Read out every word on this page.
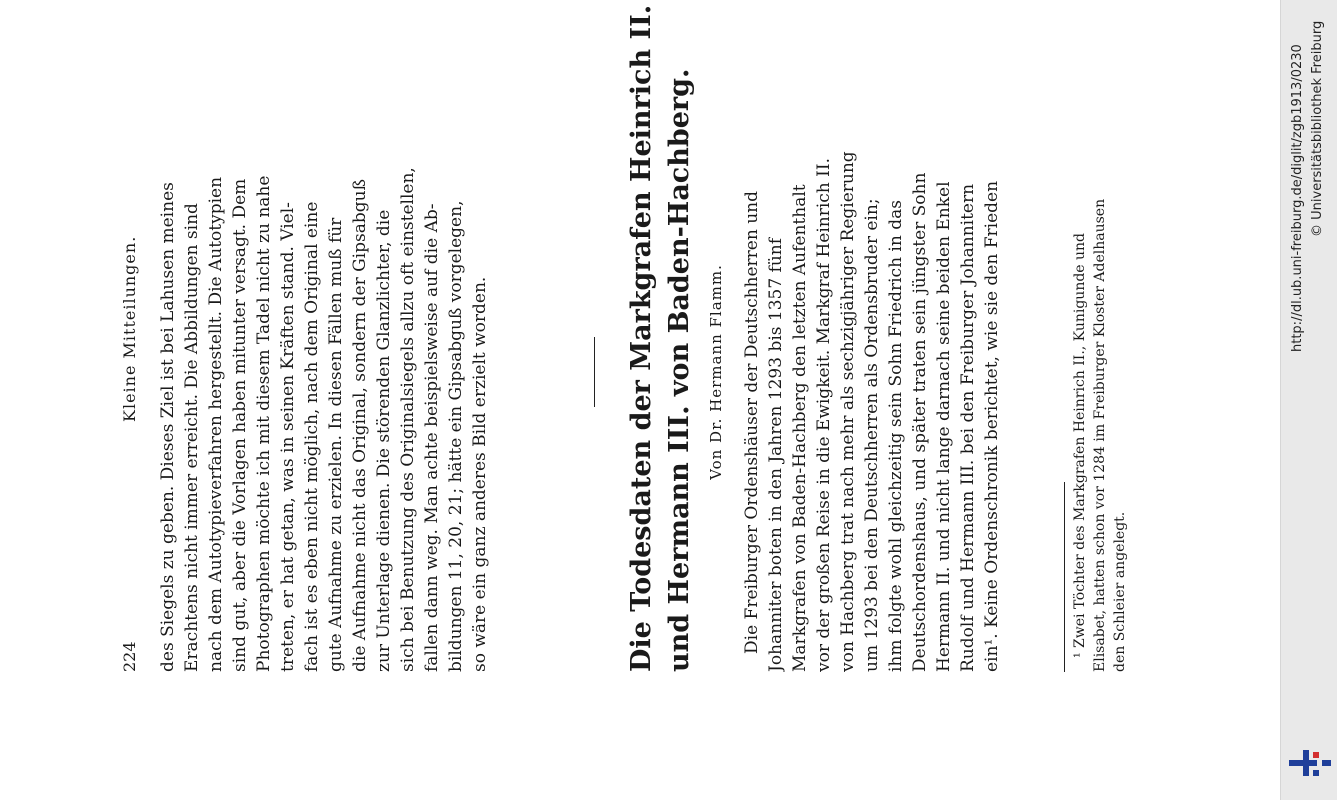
http://dl.ub.uni-freiburg.de/diglit/zgb1913/0230 © Universitätsbibliothek Freiburg
224
Kleine Mitteilungen. des Siegels zu geben. Dieses Ziel ist bei Lahusen meines Erachtens nicht immer erreicht. Die Abbildungen sind nach dem Autotypieverfahren hergestellt. Die Autotypien sind gut, aber die Vorlagen haben mitunter versagt. Dem Photographen möchte ich mit diesem Tadel nicht zu nahe treten, er hat getan, was in seinen Kräften stand. Viel- fach ist es eben nicht möglich, nach dem Original eine gute Aufnahme zu erzielen. In diesen Fällen muß für die Aufnahme nicht das Original, sondern der Gipsabguß zur Unterlage dienen. Die störenden Glanzlichter, die sich bei Benutzung des Originalsiegels allzu oft einstellen, fallen dann weg. Man achte beispielsweise auf die Ab- bildungen 11, 20, 21; hätte ein Gipsabguß vorgelegen, so wäre ein ganz anderes Bild erzielt worden.	Die Todesdaten der Markgrafen Heinrich II. und Hermann III. von Baden-Hachberg. Von Dr. Hermann Flamm. Die Freiburger Ordenshäuser der Deutschherren und Johanniter boten in den Jahren 1293 bis 1357 fünf Markgrafen von Baden-Hachberg den letzten Aufenthalt vor der großen Reise in die Ewigkeit. Markgraf Heinrich II. von Hachberg trat nach mehr als sechzigjähriger Regierung um 1293 bei den Deutschherren als Ordensbruder ein; ihm folgte wohl gleichzeitig sein Sohn Friedrich in das Deutschordenshaus, und später traten sein jüngster Sohn Hermann II. und nicht lange darnach seine beiden Enkel Rudolf und Hermann III. bei den Freiburger Johannitern ein¹. Keine Ordenschronik berichtet, wie sie den Frieden	¹ Zwei Töchter des Markgrafen Heinrich II., Kunigunde und Elisabet, hatten schon vor 1284 im Freiburger Kloster Adelhausen den Schleier angelegt.
